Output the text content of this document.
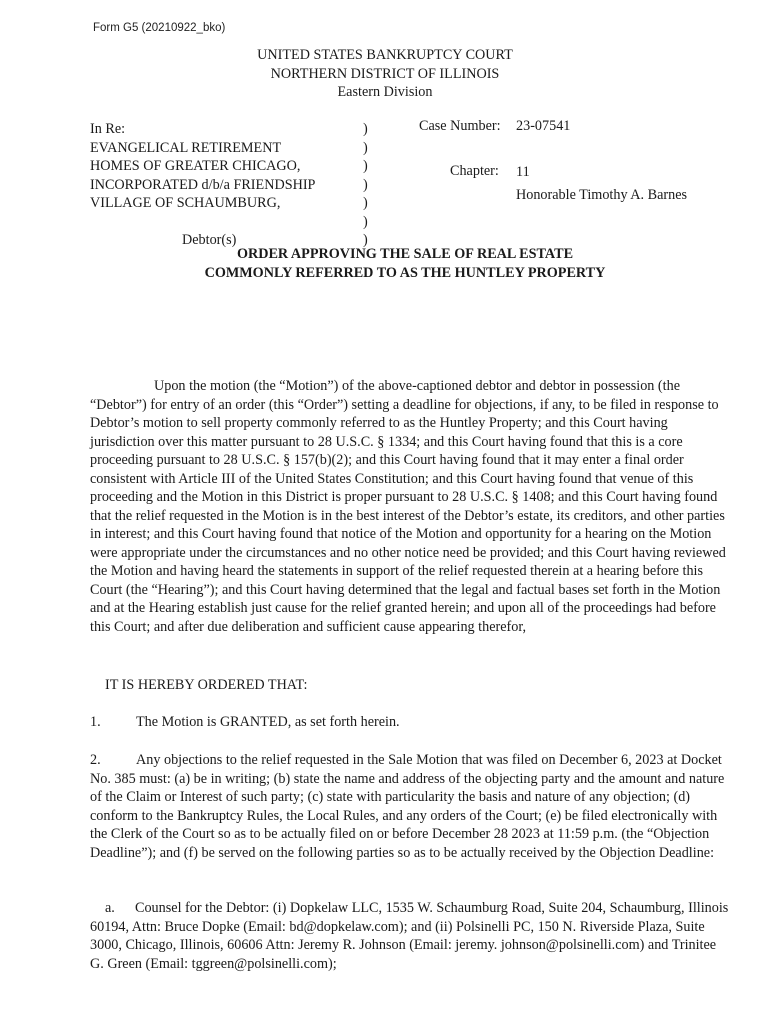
Form G5 (20210922_bko)
UNITED STATES BANKRUPTCY COURT
NORTHERN DISTRICT OF ILLINOIS
Eastern Division
In Re:
EVANGELICAL RETIREMENT
HOMES OF GREATER CHICAGO,
INCORPORATED d/b/a FRIENDSHIP
VILLAGE OF SCHAUMBURG,

Debtor(s)
)
)
)
)
)
)
)
Case Number: 23-07541
Chapter: 11
Honorable Timothy A. Barnes
ORDER APPROVING THE SALE OF REAL ESTATE
COMMONLY REFERRED TO AS THE HUNTLEY PROPERTY
Upon the motion (the “Motion”) of the above-captioned debtor and debtor in possession (the “Debtor”) for entry of an order (this “Order”) setting a deadline for objections, if any, to be filed in response to Debtor’s motion to sell property commonly referred to as the Huntley Property; and this Court having jurisdiction over this matter pursuant to 28 U.S.C. § 1334; and this Court having found that this is a core proceeding pursuant to 28 U.S.C. § 157(b)(2); and this Court having found that it may enter a final order consistent with Article III of the United States Constitution; and this Court having found that venue of this proceeding and the Motion in this District is proper pursuant to 28 U.S.C. § 1408; and this Court having found that the relief requested in the Motion is in the best interest of the Debtor’s estate, its creditors, and other parties in interest; and this Court having found that notice of the Motion and opportunity for a hearing on the Motion were appropriate under the circumstances and no other notice need be provided; and this Court having reviewed the Motion and having heard the statements in support of the relief requested therein at a hearing before this Court (the “Hearing”); and this Court having determined that the legal and factual bases set forth in the Motion and at the Hearing establish just cause for the relief granted herein; and upon all of the proceedings had before this Court; and after due deliberation and sufficient cause appearing therefor,
IT IS HEREBY ORDERED THAT:
1. The Motion is GRANTED, as set forth herein.
2. Any objections to the relief requested in the Sale Motion that was filed on December 6, 2023 at Docket No. 385 must: (a) be in writing; (b) state the name and address of the objecting party and the amount and nature of the Claim or Interest of such party; (c) state with particularity the basis and nature of any objection; (d) conform to the Bankruptcy Rules, the Local Rules, and any orders of the Court; (e) be filed electronically with the Clerk of the Court so as to be actually filed on or before December 28 2023 at 11:59 p.m. (the “Objection Deadline”); and (f) be served on the following parties so as to be actually received by the Objection Deadline:
a. Counsel for the Debtor: (i) Dopkelaw LLC, 1535 W. Schaumburg Road, Suite 204, Schaumburg, Illinois 60194, Attn: Bruce Dopke (Email: bd@dopkelaw.com); and (ii) Polsinelli PC, 150 N. Riverside Plaza, Suite 3000, Chicago, Illinois, 60606 Attn: Jeremy R. Johnson (Email: jeremy. johnson@polsinelli.com) and Trinitee G. Green (Email: tggreen@polsinelli.com);
